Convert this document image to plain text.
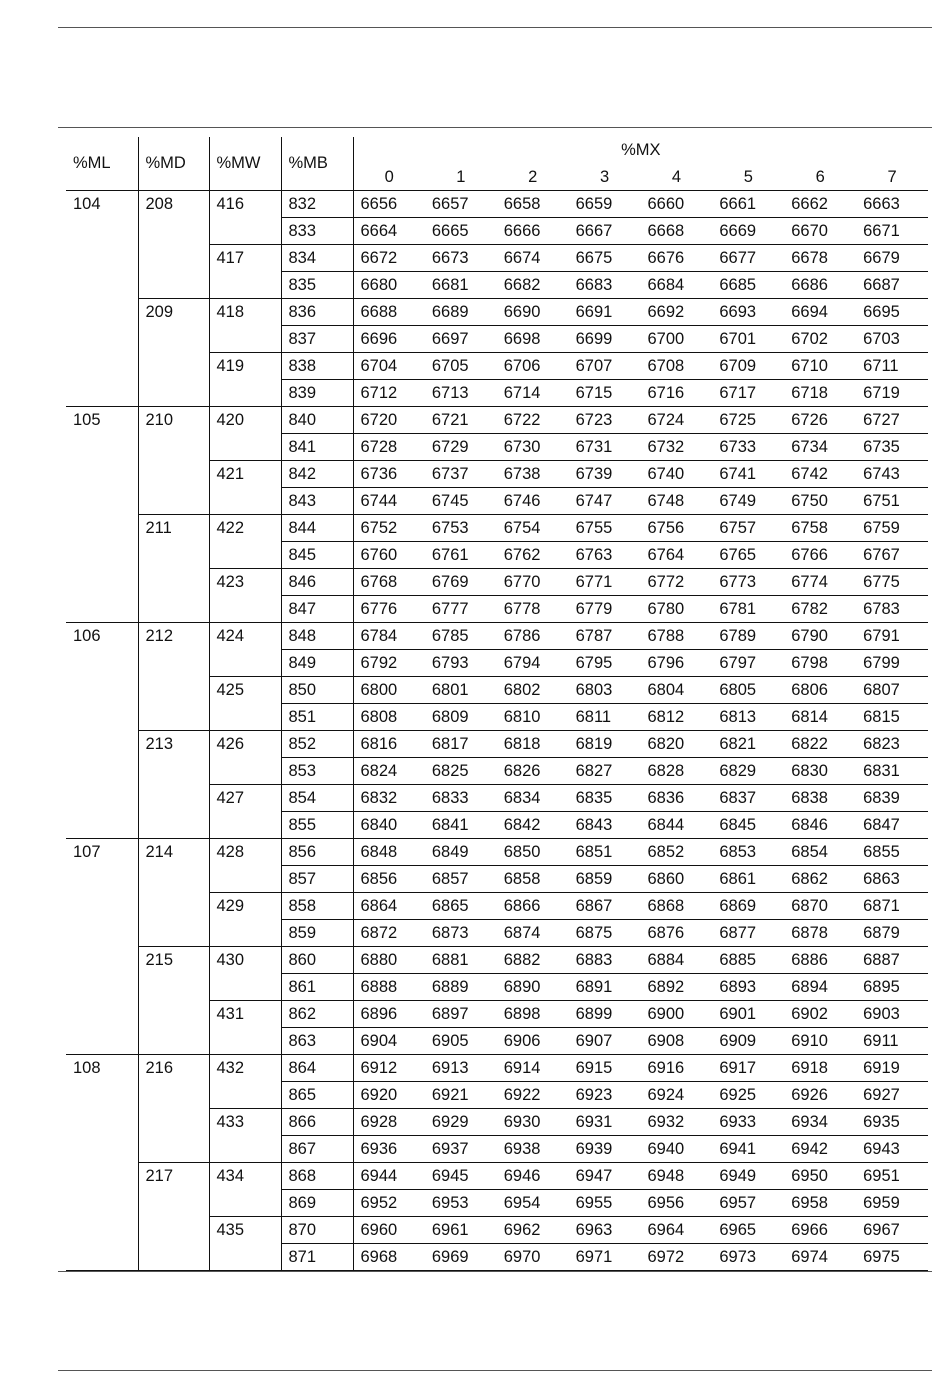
%ML	%MD	%MW	%MB	%MX							
				0	1	2	3	4	5	6	7
104	208	416	832	6656	6657	6658	6659	6660	6661	6662	6663
			833	6664	6665	6666	6667	6668	6669	6670	6671
		417	834	6672	6673	6674	6675	6676	6677	6678	6679
			835	6680	6681	6682	6683	6684	6685	6686	6687
	209	418	836	6688	6689	6690	6691	6692	6693	6694	6695
			837	6696	6697	6698	6699	6700	6701	6702	6703
		419	838	6704	6705	6706	6707	6708	6709	6710	6711
			839	6712	6713	6714	6715	6716	6717	6718	6719
105	210	420	840	6720	6721	6722	6723	6724	6725	6726	6727
			841	6728	6729	6730	6731	6732	6733	6734	6735
		421	842	6736	6737	6738	6739	6740	6741	6742	6743
			843	6744	6745	6746	6747	6748	6749	6750	6751
	211	422	844	6752	6753	6754	6755	6756	6757	6758	6759
			845	6760	6761	6762	6763	6764	6765	6766	6767
		423	846	6768	6769	6770	6771	6772	6773	6774	6775
			847	6776	6777	6778	6779	6780	6781	6782	6783
106	212	424	848	6784	6785	6786	6787	6788	6789	6790	6791
			849	6792	6793	6794	6795	6796	6797	6798	6799
		425	850	6800	6801	6802	6803	6804	6805	6806	6807
			851	6808	6809	6810	6811	6812	6813	6814	6815
	213	426	852	6816	6817	6818	6819	6820	6821	6822	6823
			853	6824	6825	6826	6827	6828	6829	6830	6831
		427	854	6832	6833	6834	6835	6836	6837	6838	6839
			855	6840	6841	6842	6843	6844	6845	6846	6847
107	214	428	856	6848	6849	6850	6851	6852	6853	6854	6855
			857	6856	6857	6858	6859	6860	6861	6862	6863
		429	858	6864	6865	6866	6867	6868	6869	6870	6871
			859	6872	6873	6874	6875	6876	6877	6878	6879
	215	430	860	6880	6881	6882	6883	6884	6885	6886	6887
			861	6888	6889	6890	6891	6892	6893	6894	6895
		431	862	6896	6897	6898	6899	6900	6901	6902	6903
			863	6904	6905	6906	6907	6908	6909	6910	6911
108	216	432	864	6912	6913	6914	6915	6916	6917	6918	6919
			865	6920	6921	6922	6923	6924	6925	6926	6927
		433	866	6928	6929	6930	6931	6932	6933	6934	6935
			867	6936	6937	6938	6939	6940	6941	6942	6943
	217	434	868	6944	6945	6946	6947	6948	6949	6950	6951
			869	6952	6953	6954	6955	6956	6957	6958	6959
		435	870	6960	6961	6962	6963	6964	6965	6966	6967
			871	6968	6969	6970	6971	6972	6973	6974	6975
